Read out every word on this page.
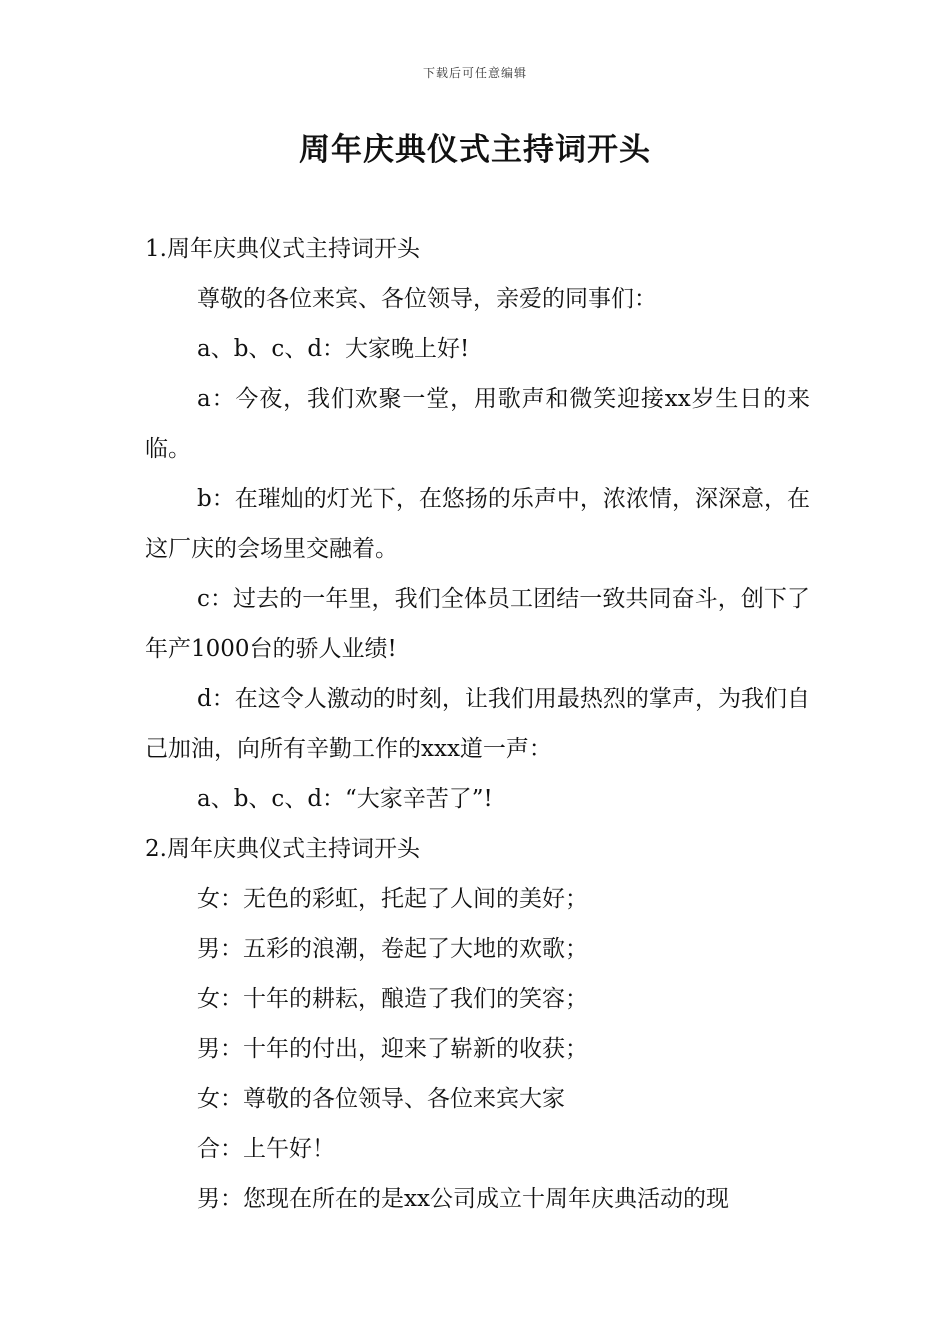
下载后可任意编辑
周年庆典仪式主持词开头

1.周年庆典仪式主持词开头

尊敬的各位来宾、各位领导，亲爱的同事们：

a、b、c、d：大家晚上好!

a：今夜，我们欢聚一堂，用歌声和微笑迎接xx岁生日的来临。

b：在璀灿的灯光下，在悠扬的乐声中，浓浓情，深深意，在这厂庆的会场里交融着。

c：过去的一年里，我们全体员工团结一致共同奋斗，创下了年产1000台的骄人业绩!

d：在这令人激动的时刻，让我们用最热烈的掌声，为我们自己加油，向所有辛勤工作的xxx道一声：

a、b、c、d：“大家辛苦了”!

2.周年庆典仪式主持词开头

女：无色的彩虹，托起了人间的美好；

男：五彩的浪潮，卷起了大地的欢歌；

女：十年的耕耘，酿造了我们的笑容；

男：十年的付出，迎来了崭新的收获；

女：尊敬的各位领导、各位来宾大家

合：上午好！

男：您现在所在的是xx公司成立十周年庆典活动的现
